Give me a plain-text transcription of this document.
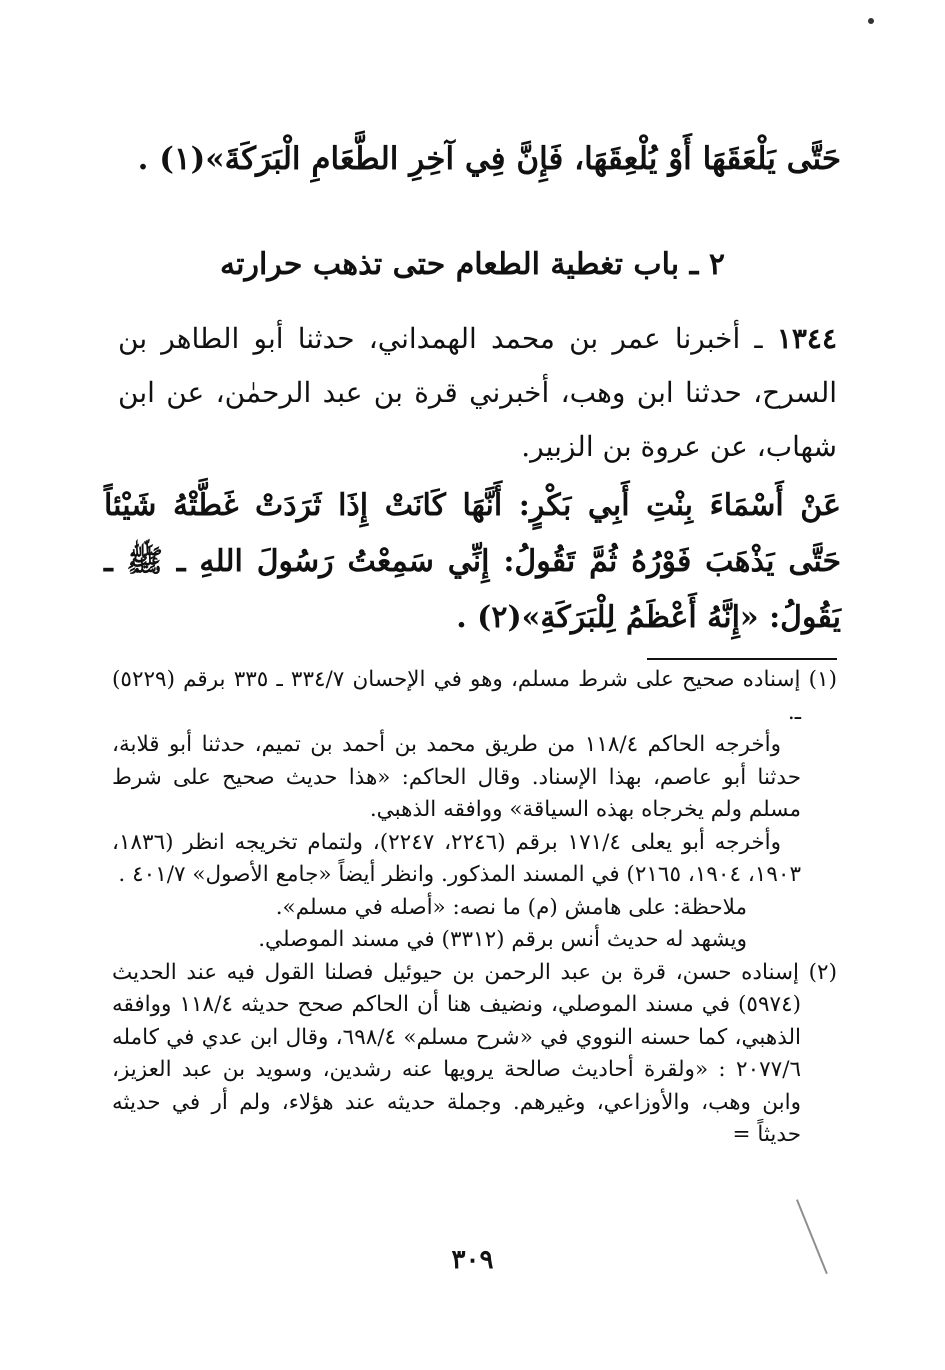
حَتَّى يَلْعَقَهَا أَوْ يُلْعِقَهَا، فَإِنَّ فِي آخِرِ الطَّعَامِ الْبَرَكَةَ»(١) .

٢ ـ باب تغطية الطعام حتى تذهب حرارته

١٣٤٤ ـ أخبرنا عمر بن محمد الهمداني، حدثنا أبو الطاهر بن السرح، حدثنا ابن وهب، أخبرني قرة بن عبد الرحمٰن، عن ابن شهاب، عن عروة بن الزبير.

عَنْ أَسْمَاءَ بِنْتِ أَبِي بَكْرٍ: أَنَّهَا كَانَتْ إِذَا ثَرَدَتْ غَطَّتْهُ شَيْئاً حَتَّى يَذْهَبَ فَوْرُهُ ثُمَّ تَقُولُ: إِنِّي سَمِعْتُ رَسُولَ اللهِ ـ ﷺ ـ يَقُولُ: «إِنَّهُ أَعْظَمُ لِلْبَرَكَةِ»(٢) .

(١) إسناده صحيح على شرط مسلم، وهو في الإحسان ٣٣٤/٧ ـ ٣٣٥ برقم (٥٢٢٩) ـ.

وأخرجه الحاكم ١١٨/٤ من طريق محمد بن أحمد بن تميم، حدثنا أبو قلابة، حدثنا أبو عاصم، بهذا الإسناد. وقال الحاكم: «هذا حديث صحيح على شرط مسلم ولم يخرجاه بهذه السياقة» ووافقه الذهبي.

وأخرجه أبو يعلى ١٧١/٤ برقم (٢٢٤٦، ٢٢٤٧)، ولتمام تخريجه انظر (١٨٣٦، ١٩٠٣، ١٩٠٤، ٢١٦٥) في المسند المذكور. وانظر أيضاً «جامع الأصول» ٤٠١/٧ .

ملاحظة: على هامش (م) ما نصه: «أصله في مسلم».

ويشهد له حديث أنس برقم (٣٣١٢) في مسند الموصلي.

(٢) إسناده حسن، قرة بن عبد الرحمن بن حيوئيل فصلنا القول فيه عند الحديث (٥٩٧٤) في مسند الموصلي، ونضيف هنا أن الحاكم صحح حديثه ١١٨/٤ ووافقه الذهبي، كما حسنه النووي في «شرح مسلم» ٦٩٨/٤، وقال ابن عدي في كامله ٢٠٧٧/٦ : «ولقرة أحاديث صالحة يرويها عنه رشدين، وسويد بن عبد العزيز، وابن وهب، والأوزاعي، وغيرهم. وجملة حديثه عند هؤلاء، ولم أر في حديثه حديثاً =

٣٠٩
